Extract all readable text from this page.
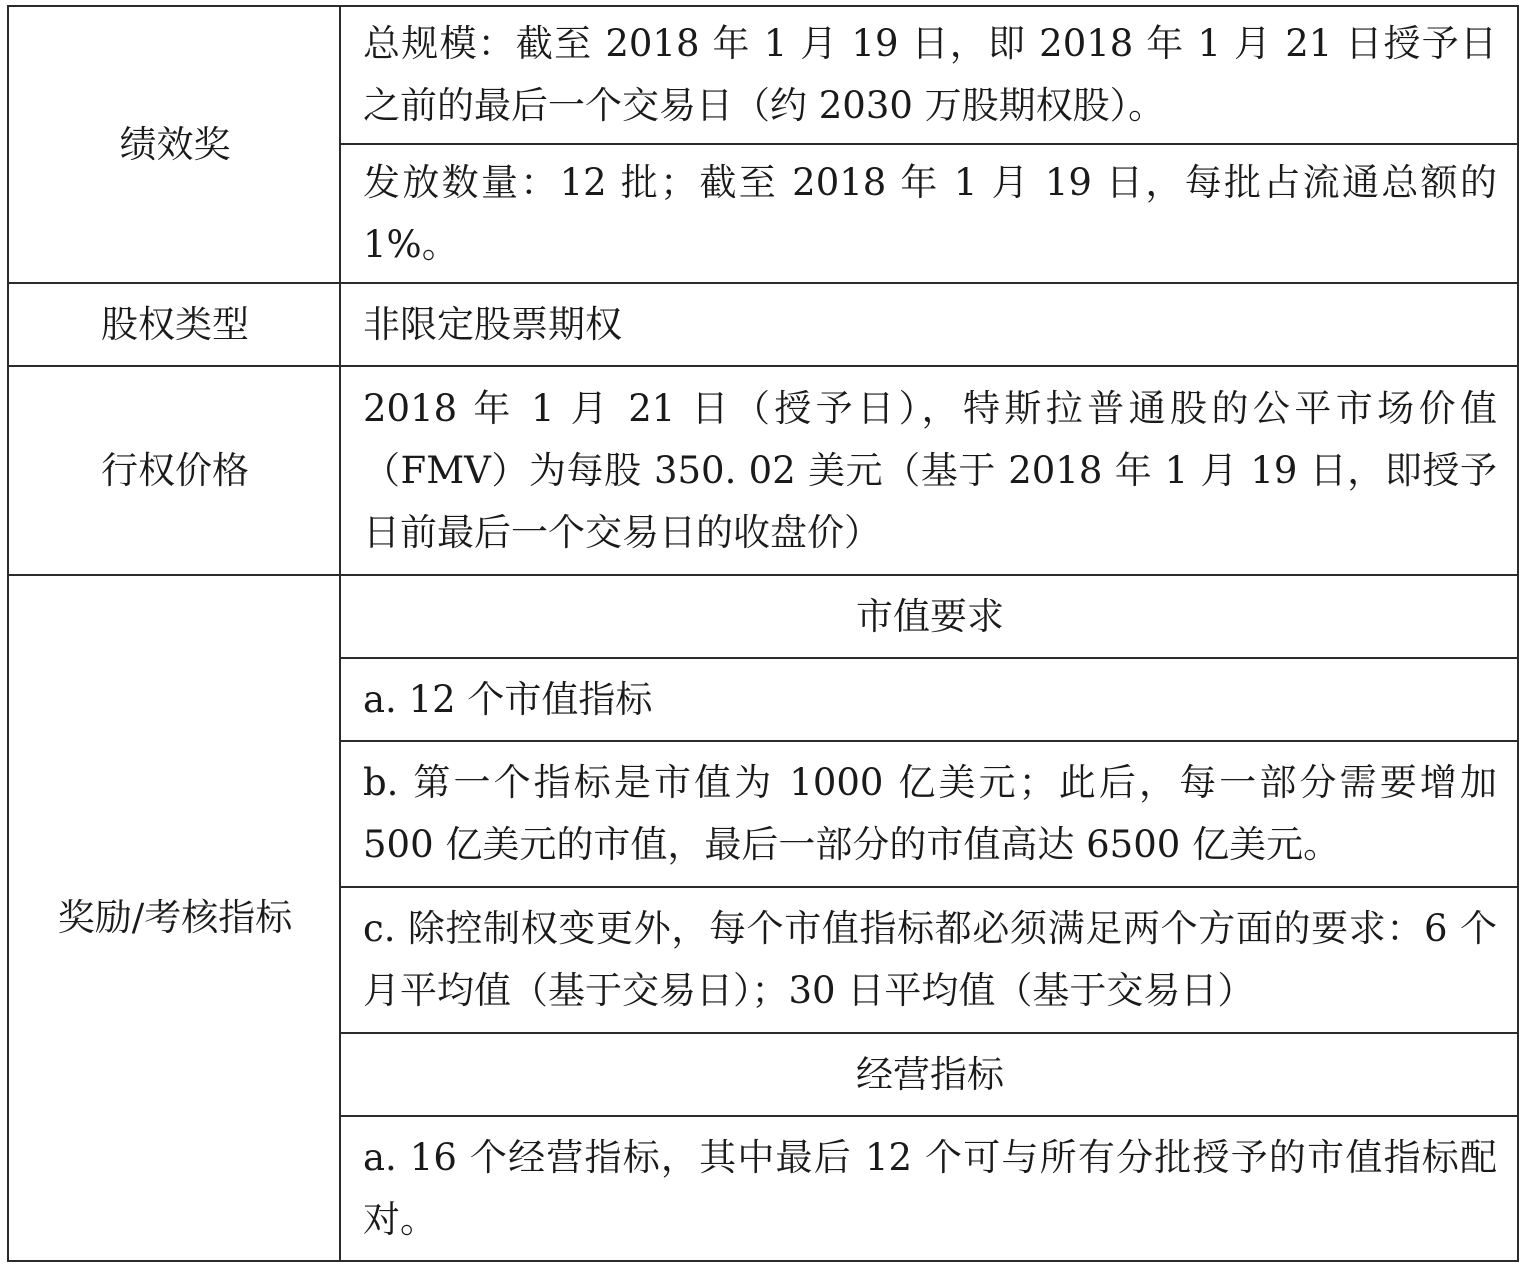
绩效奖	总规模：截至 2018 年 1 月 19 日，即 2018 年 1 月 21 日授予日之前的最后一个交易日（约 2030 万股期权股）。
	发放数量：12 批；截至 2018 年 1 月 19 日，每批占流通总额的 1%。
股权类型	非限定股票期权
行权价格	2018 年 1 月 21 日（授予日），特斯拉普通股的公平市场价值（FMV）为每股 350. 02 美元（基于 2018 年 1 月 19 日，即授予日前最后一个交易日的收盘价）
奖励/考核指标	市值要求
	a. 12 个市值指标
	b. 第一个指标是市值为 1000 亿美元；此后，每一部分需要增加 500 亿美元的市值，最后一部分的市值高达 6500 亿美元。
	c. 除控制权变更外，每个市值指标都必须满足两个方面的要求：6 个月平均值（基于交易日）；30 日平均值（基于交易日）
	经营指标
	a. 16 个经营指标，其中最后 12 个可与所有分批授予的市值指标配对。
